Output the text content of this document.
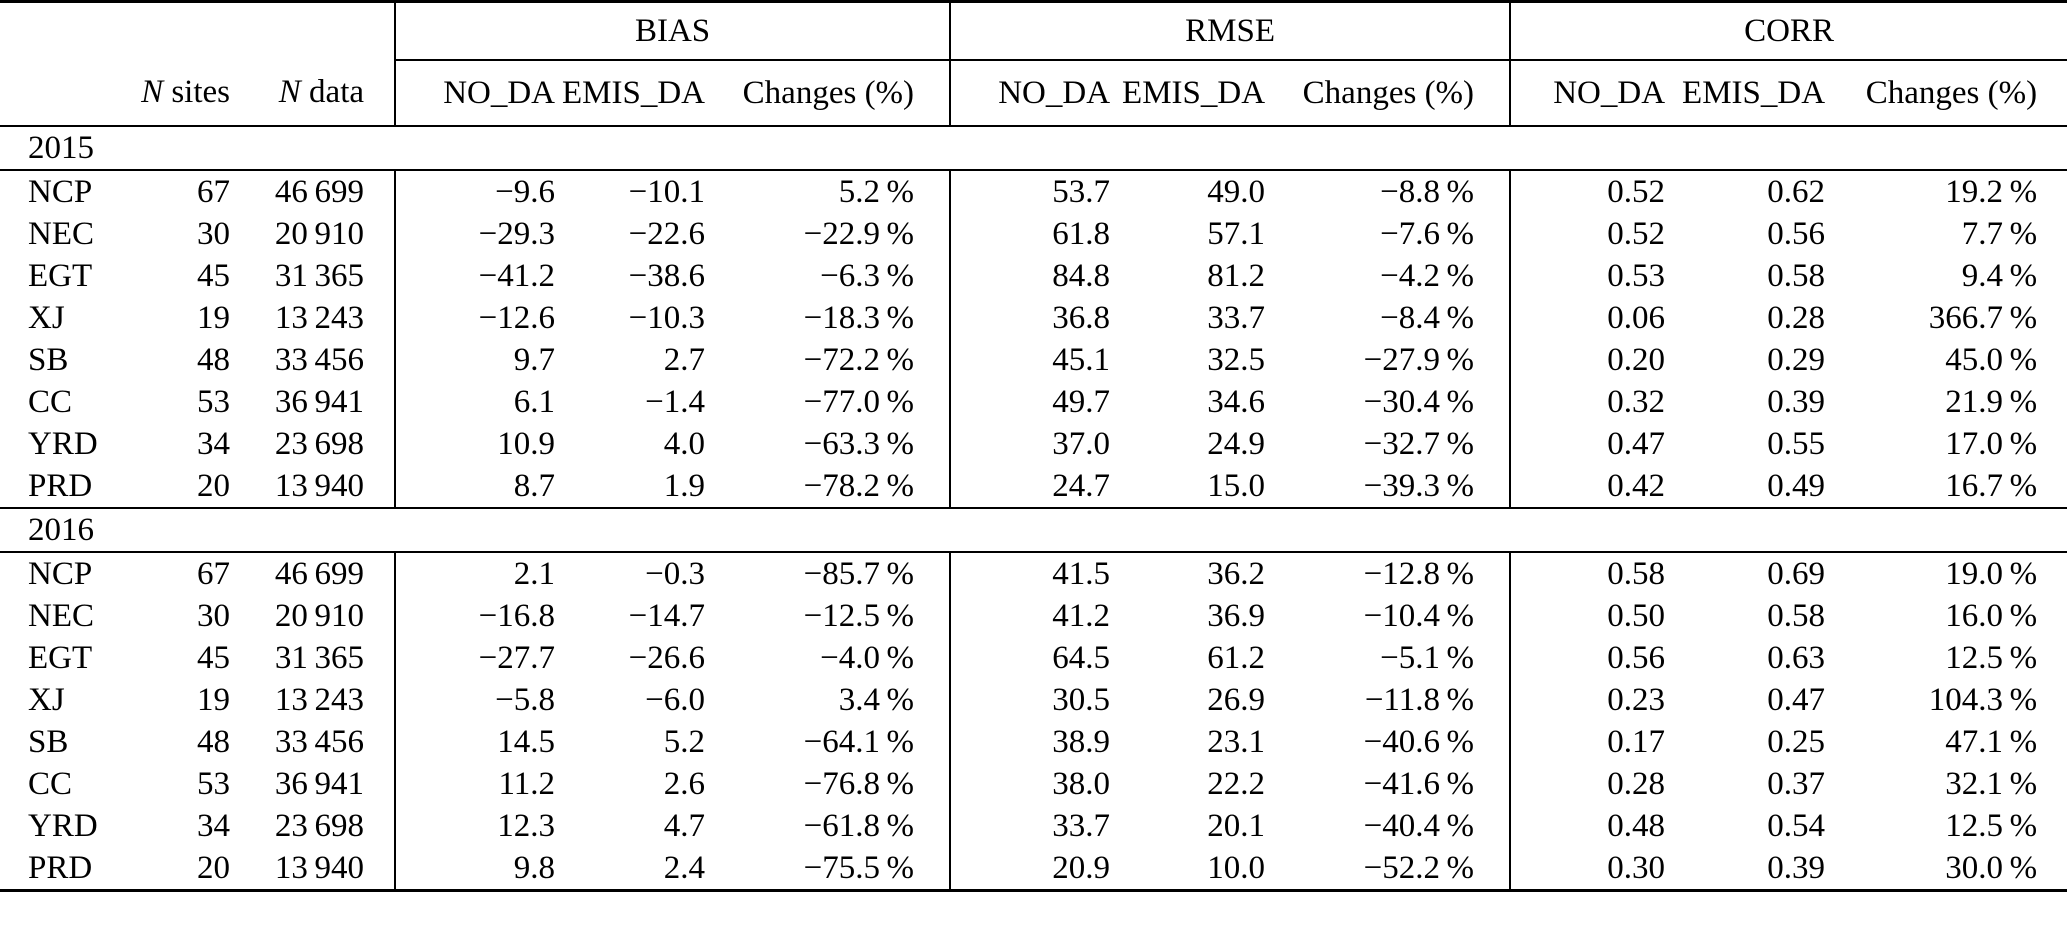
			BIAS			RMSE			CORR		
	N sites	N data	NO_DA	EMIS_DA	Changes (%)	NO_DA	EMIS_DA	Changes (%)	NO_DA	EMIS_DA	Changes (%)
2015											
NCP	67	46 699	−9.6	−10.1	5.2 %	53.7	49.0	−8.8 %	0.52	0.62	19.2 %
NEC	30	20 910	−29.3	−22.6	−22.9 %	61.8	57.1	−7.6 %	0.52	0.56	7.7 %
EGT	45	31 365	−41.2	−38.6	−6.3 %	84.8	81.2	−4.2 %	0.53	0.58	9.4 %
XJ	19	13 243	−12.6	−10.3	−18.3 %	36.8	33.7	−8.4 %	0.06	0.28	366.7 %
SB	48	33 456	9.7	2.7	−72.2 %	45.1	32.5	−27.9 %	0.20	0.29	45.0 %
CC	53	36 941	6.1	−1.4	−77.0 %	49.7	34.6	−30.4 %	0.32	0.39	21.9 %
YRD	34	23 698	10.9	4.0	−63.3 %	37.0	24.9	−32.7 %	0.47	0.55	17.0 %
PRD	20	13 940	8.7	1.9	−78.2 %	24.7	15.0	−39.3 %	0.42	0.49	16.7 %
2016											
NCP	67	46 699	2.1	−0.3	−85.7 %	41.5	36.2	−12.8 %	0.58	0.69	19.0 %
NEC	30	20 910	−16.8	−14.7	−12.5 %	41.2	36.9	−10.4 %	0.50	0.58	16.0 %
EGT	45	31 365	−27.7	−26.6	−4.0 %	64.5	61.2	−5.1 %	0.56	0.63	12.5 %
XJ	19	13 243	−5.8	−6.0	3.4 %	30.5	26.9	−11.8 %	0.23	0.47	104.3 %
SB	48	33 456	14.5	5.2	−64.1 %	38.9	23.1	−40.6 %	0.17	0.25	47.1 %
CC	53	36 941	11.2	2.6	−76.8 %	38.0	22.2	−41.6 %	0.28	0.37	32.1 %
YRD	34	23 698	12.3	4.7	−61.8 %	33.7	20.1	−40.4 %	0.48	0.54	12.5 %
PRD	20	13 940	9.8	2.4	−75.5 %	20.9	10.0	−52.2 %	0.30	0.39	30.0 %
